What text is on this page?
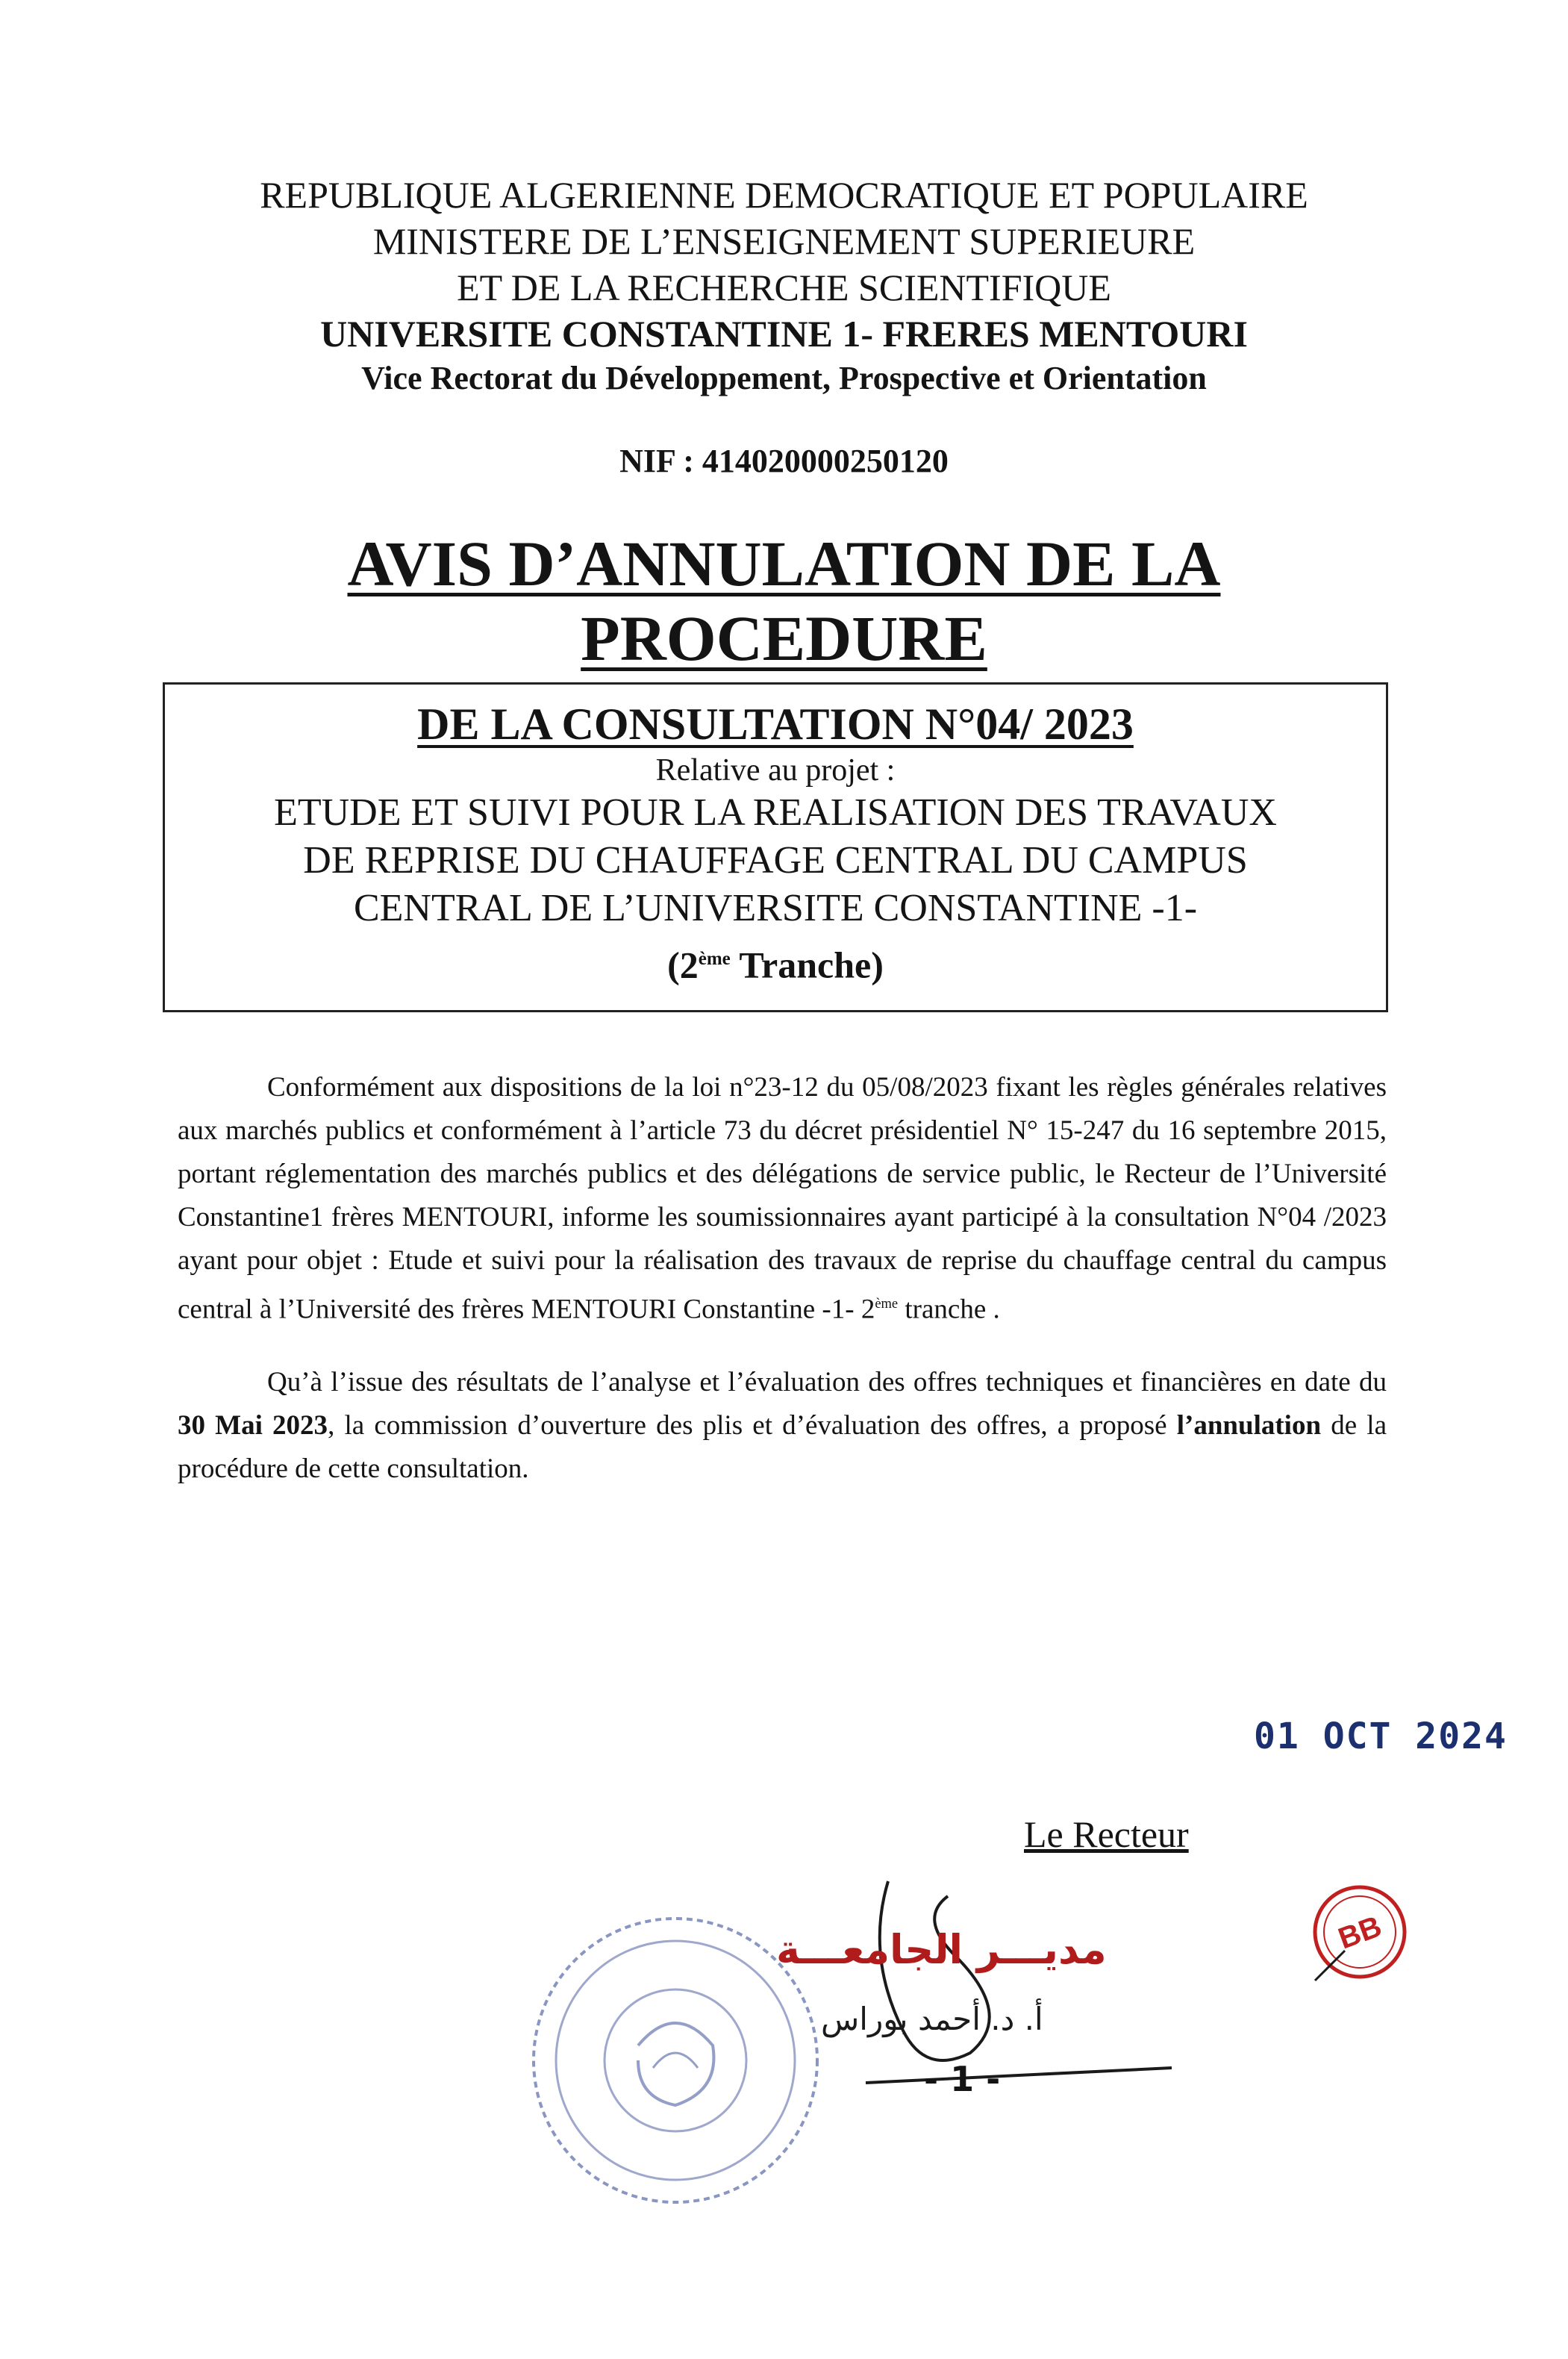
REPUBLIQUE ALGERIENNE DEMOCRATIQUE ET POPULAIRE
MINISTERE DE L’ENSEIGNEMENT SUPERIEURE
ET DE LA RECHERCHE SCIENTIFIQUE
UNIVERSITE CONSTANTINE 1- FRERES MENTOURI
Vice Rectorat du Développement, Prospective et Orientation
NIF : 414020000250120
AVIS D’ANNULATION DE LA
PROCEDURE
DE LA CONSULTATION N°04/ 2023
Relative au projet :
ETUDE ET SUIVI POUR LA REALISATION DES TRAVAUX
DE REPRISE DU CHAUFFAGE CENTRAL DU CAMPUS
CENTRAL DE L’UNIVERSITE CONSTANTINE -1-
(2ème Tranche)

Conformément aux dispositions de la loi n°23-12 du 05/08/2023 fixant les règles générales relatives aux marchés publics et conformément à l’article 73 du décret présidentiel N° 15-247 du 16 septembre 2015, portant réglementation des marchés publics et des délégations de service public, le Recteur de l’Université Constantine1 frères MENTOURI, informe les soumissionnaires ayant participé à la consultation N°04 /2023 ayant pour objet : Etude et suivi pour la réalisation des travaux de reprise du chauffage central du campus central à l’Université des frères MENTOURI Constantine -1- 2ème tranche .

Qu’à l’issue des résultats de l’analyse et l’évaluation des offres techniques et financières en date du 30 Mai 2023, la commission d’ouverture des plis et d’évaluation des offres, a proposé l’annulation de la procédure de cette consultation.

01 OCT 2024
Le Recteur
مديـــر الجامعـــة
أ. د. أحمد بوراس
- 1 -
BB
